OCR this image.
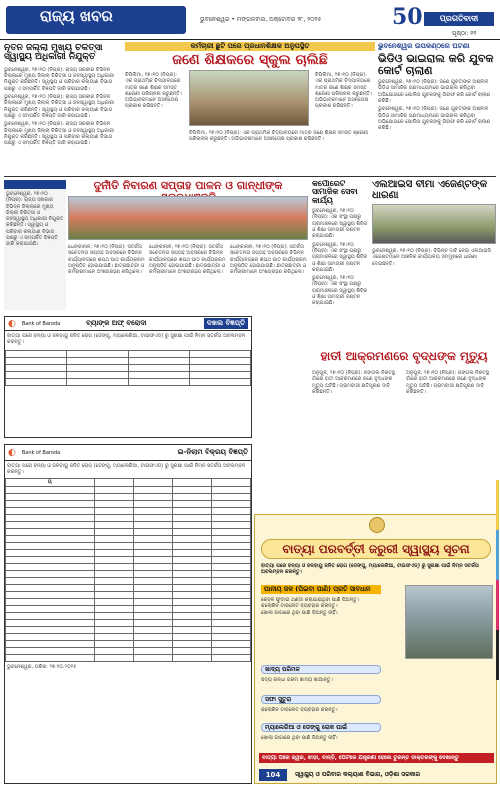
ରାଜ୍ୟ ଖବର	ଭୁବନେଶ୍ୱର • ମଙ୍ଗଳବାର, ଅକ୍ଟୋବର ୨୮, ୨୦୨୫	50	ପ୍ରଗତିବାଦୀ
ପୃଷ୍ଠା: ୧୧
ନୂତନ ଜିଲ୍ଲା ମୁଖ୍ୟ ଚିକିତ୍ସା ସ୍ୱାସ୍ଥ୍ୟ ଅଧିକାରୀ ନିଯୁକ୍ତ
ଭୁବନେଶ୍ୱର, ୨୭।୧୦ (ନିପ୍ର): ରାଜ୍ୟ ସରକାର ବିଭିନ୍ନ ଜିଲ୍ଲାରେ ମୁଖ୍ୟ ଜିଲ୍ଲା ଚିକିତ୍ସା ଓ ଜନସ୍ୱାସ୍ଥ୍ୟ ଅଧିକାରୀ ନିଯୁକ୍ତ କରିଛନ୍ତି। ସ୍ୱାସ୍ଥ୍ୟ ଓ ପରିବାର କଲ୍ୟାଣ ବିଭାଗ ପକ୍ଷରୁ ଏ ସମ୍ପର୍କିତ ବିଜ୍ଞପ୍ତି ଜାରି କରାଯାଇଛି।
ଭୁବନେଶ୍ୱର, ୨୭।୧୦ (ନିପ୍ର): ରାଜ୍ୟ ସରକାର ବିଭିନ୍ନ ଜିଲ୍ଲାରେ ମୁଖ୍ୟ ଜିଲ୍ଲା ଚିକିତ୍ସା ଓ ଜନସ୍ୱାସ୍ଥ୍ୟ ଅଧିକାରୀ ନିଯୁକ୍ତ କରିଛନ୍ତି। ସ୍ୱାସ୍ଥ୍ୟ ଓ ପରିବାର କଲ୍ୟାଣ ବିଭାଗ ପକ୍ଷରୁ ଏ ସମ୍ପର୍କିତ ବିଜ୍ଞପ୍ତି ଜାରି କରାଯାଇଛି।
ଭୁବନେଶ୍ୱର, ୨୭।୧୦ (ନିପ୍ର): ରାଜ୍ୟ ସରକାର ବିଭିନ୍ନ ଜିଲ୍ଲାରେ ମୁଖ୍ୟ ଜିଲ୍ଲା ଚିକିତ୍ସା ଓ ଜନସ୍ୱାସ୍ଥ୍ୟ ଅଧିକାରୀ ନିଯୁକ୍ତ କରିଛନ୍ତି। ସ୍ୱାସ୍ଥ୍ୟ ଓ ପରିବାର କଲ୍ୟାଣ ବିଭାଗ ପକ୍ଷରୁ ଏ ସମ୍ପର୍କିତ ବିଜ୍ଞପ୍ତି ଜାରି କରାଯାଇଛି।
କର୍ମଚାରୀ ଛୁଟି ପରେ ପ୍ରଧାନଶିକ୍ଷକ ଅନୁପସ୍ଥିତ
ଜଣେ ଶିକ୍ଷକରେ ସ୍କୁଲ ଚାଲିଛି
ଚିପିଲିମା, ୨୭।୧୦ (ନିପ୍ର): ଏକ ପ୍ରାଥମିକ ବିଦ୍ୟାଳୟରେ ମାତ୍ର ଜଣେ ଶିକ୍ଷକ ସମସ୍ତ ଶ୍ରେଣୀ ପରିଚାଳନା କରୁଛନ୍ତି। ଅଭିଭାବକମାନେ ଅସନ୍ତୋଷ ପ୍ରକାଶ କରିଛନ୍ତି।
ଚିପିଲିମା, ୨୭।୧୦ (ନିପ୍ର): ଏକ ପ୍ରାଥମିକ ବିଦ୍ୟାଳୟରେ ମାତ୍ର ଜଣେ ଶିକ୍ଷକ ସମସ୍ତ ଶ୍ରେଣୀ ପରିଚାଳନା କରୁଛନ୍ତି। ଅଭିଭାବକମାନେ ଅସନ୍ତୋଷ ପ୍ରକାଶ କରିଛନ୍ତି।
ଚିପିଲିମା, ୨୭।୧୦ (ନିପ୍ର): ଏକ ପ୍ରାଥମିକ ବିଦ୍ୟାଳୟରେ ମାତ୍ର ଜଣେ ଶିକ୍ଷକ ସମସ୍ତ ଶ୍ରେଣୀ ପରିଚାଳନା କରୁଛନ୍ତି। ଅଭିଭାବକମାନେ ଅସନ୍ତୋଷ ପ୍ରକାଶ କରିଛନ୍ତି।
ଭୁବନେଶ୍ୱର ଉପକଣ୍ଠରେ ଘଟଣା
ଭିଡିଓ ଭାଇରାଲ କରି ଯୁବକ କୋର୍ଟ ଚାଲାଣ
ଭୁବନେଶ୍ୱର, ୨୭।୧୦ (ନିପ୍ର): ଜଣେ ଯୁବତୀଙ୍କ ଅଶ୍ଳୀଳ ଭିଡିଓ ସାମାଜିକ ଗଣମାଧ୍ୟମରେ ଭାଇରାଲ କରିଥିବା ଅଭିଯୋଗରେ ପୋଲିସ ଯୁବକଙ୍କୁ ଗିରଫ କରି କୋର୍ଟ ଚାଲାଣ କରିଛି।
ଭୁବନେଶ୍ୱର, ୨୭।୧୦ (ନିପ୍ର): ଜଣେ ଯୁବତୀଙ୍କ ଅଶ୍ଳୀଳ ଭିଡିଓ ସାମାଜିକ ଗଣମାଧ୍ୟମରେ ଭାଇରାଲ କରିଥିବା ଅଭିଯୋଗରେ ପୋଲିସ ଯୁବକଙ୍କୁ ଗିରଫ କରି କୋର୍ଟ ଚାଲାଣ କରିଛି।

ଭୁବନେଶ୍ୱର, ୨୭।୧୦ (ନିପ୍ର): ରାଜ୍ୟ ସରକାର ବିଭିନ୍ନ ଜିଲ୍ଲାରେ ମୁଖ୍ୟ ଜିଲ୍ଲା ଚିକିତ୍ସା ଓ ଜନସ୍ୱାସ୍ଥ୍ୟ ଅଧିକାରୀ ନିଯୁକ୍ତ କରିଛନ୍ତି। ସ୍ୱାସ୍ଥ୍ୟ ଓ ପରିବାର କଲ୍ୟାଣ ବିଭାଗ ପକ୍ଷରୁ ଏ ସମ୍ପର୍କିତ ବିଜ୍ଞପ୍ତି ଜାରି କରାଯାଇଛି।
ଦୁର୍ନୀତି ନିବାରଣ ସପ୍ତାହ ପାଳନ ଓ ଗାନ୍ଧୀଙ୍କ
ଧେଙ୍କାନାଳ, ୨୭।୧୦ (ନିପ୍ର): ସତର୍କତା ସଚେତନତା ସପ୍ତାହ ଅବସରରେ ବିଭିନ୍ନ କାର୍ଯ୍ୟାଳୟରେ ଶପଥ ପାଠ କାର୍ଯ୍ୟକ୍ରମ ଅନୁଷ୍ଠିତ ହୋଇଯାଇଛି। ଛାତ୍ରଛାତ୍ରୀ ଓ କର୍ମଚାରୀମାନେ ଅଂଶଗ୍ରହଣ କରିଥିଲେ।
ଧେଙ୍କାନାଳ, ୨୭।୧୦ (ନିପ୍ର): ସତର୍କତା ସଚେତନତା ସପ୍ତାହ ଅବସରରେ ବିଭିନ୍ନ କାର୍ଯ୍ୟାଳୟରେ ଶପଥ ପାଠ କାର୍ଯ୍ୟକ୍ରମ ଅନୁଷ୍ଠିତ ହୋଇଯାଇଛି। ଛାତ୍ରଛାତ୍ରୀ ଓ କର୍ମଚାରୀମାନେ ଅଂଶଗ୍ରହଣ କରିଥିଲେ।
ଧେଙ୍କାନାଳ, ୨୭।୧୦ (ନିପ୍ର): ସତର୍କତା ସଚେତନତା ସପ୍ତାହ ଅବସରରେ ବିଭିନ୍ନ କାର୍ଯ୍ୟାଳୟରେ ଶପଥ ପାଠ କାର୍ଯ୍ୟକ୍ରମ ଅନୁଷ୍ଠିତ ହୋଇଯାଇଛି। ଛାତ୍ରଛାତ୍ରୀ ଓ କର୍ମଚାରୀମାନେ ଅଂଶଗ୍ରହଣ କରିଥିଲେ।
କର୍ପୋରେଟ ସାମାଜିକ ସେବା କାର୍ଯ୍ୟ
ଭୁବନେଶ୍ୱର, ୨୭।୧୦ (ନିପ୍ର): ଏକ ସଂସ୍ଥା ପକ୍ଷରୁ ଗ୍ରାମାଞ୍ଚଳରେ ସ୍ୱାସ୍ଥ୍ୟ ଶିବିର ଓ ଶିକ୍ଷା ସାମଗ୍ରୀ ବଣ୍ଟନ କରାଯାଇଛି।
ଭୁବନେଶ୍ୱର, ୨୭।୧୦ (ନିପ୍ର): ଏକ ସଂସ୍ଥା ପକ୍ଷରୁ ଗ୍ରାମାଞ୍ଚଳରେ ସ୍ୱାସ୍ଥ୍ୟ ଶିବିର ଓ ଶିକ୍ଷା ସାମଗ୍ରୀ ବଣ୍ଟନ କରାଯାଇଛି।
ଭୁବନେଶ୍ୱର, ୨୭।୧୦ (ନିପ୍ର): ଏକ ସଂସ୍ଥା ପକ୍ଷରୁ ଗ୍ରାମାଞ୍ଚଳରେ ସ୍ୱାସ୍ଥ୍ୟ ଶିବିର ଓ ଶିକ୍ଷା ସାମଗ୍ରୀ ବଣ୍ଟନ କରାଯାଇଛି।
ଏଲଆଇସି ବୀମା ଏଜେଣ୍ଟଙ୍କ ଧାରଣା
ଭୁବନେଶ୍ୱର, ୨୭।୧୦ (ନିପ୍ର): ବିଭିନ୍ନ ଦାବି ନେଇ ଏଲଆଇସି ଏଜେଣ୍ଟମାନେ ଆଞ୍ଚଳିକ କାର୍ଯ୍ୟାଳୟ ସମ୍ମୁଖରେ ଧାରଣା ଦେଇଛନ୍ତି।
ହାତୀ ଆକ୍ରମଣରେ ବୃଦ୍ଧଙ୍କ ମୃତ୍ୟୁ
ଅନୁଗୁଳ, ୨୭।୧୦ (ନିପ୍ର): ଜଙ୍ଗଲ ନିକଟସ୍ଥ ଗାଁରେ ହାତୀ ଆକ୍ରମଣରେ ଜଣେ ବୃଦ୍ଧଙ୍କ ମୃତ୍ୟୁ ଘଟିଛି। ଗ୍ରାମବାସୀ କ୍ଷତିପୂରଣ ଦାବି କରିଛନ୍ତି।
ଅନୁଗୁଳ, ୨୭।୧୦ (ନିପ୍ର): ଜଙ୍ଗଲ ନିକଟସ୍ଥ ଗାଁରେ ହାତୀ ଆକ୍ରମଣରେ ଜଣେ ବୃଦ୍ଧଙ୍କ ମୃତ୍ୟୁ ଘଟିଛି। ଗ୍ରାମବାସୀ କ୍ଷତିପୂରଣ ଦାବି କରିଛନ୍ତି।
◐ Bank of Baroda	ବ୍ୟାଙ୍କ ଅଫ୍ ବରୋଦା	ଦଖଲ ବିଜ୍ଞପ୍ତି
ବାତ୍ୟା ପରେ ବନ୍ୟା ଓ ଜଳବାୟୁ ଜନିତ ରୋଗ (ଡେଙ୍ଗୁ, ମ୍ୟାଲେରିଆ, ଟାଇଫଏଡ୍) ରୁ ସୁରକ୍ଷା ପାଇଁ ନିମ୍ନ ସତର୍କତା ଅବଲମ୍ବନ କରନ୍ତୁ।

◐ Bank of Baroda	ଇ-ନିଲାମ ବିକ୍ରୟ ବିଜ୍ଞପ୍ତି
ବାତ୍ୟା ପରେ ବନ୍ୟା ଓ ଜଳବାୟୁ ଜନିତ ରୋଗ (ଡେଙ୍ଗୁ, ମ୍ୟାଲେରିଆ, ଟାଇଫଏଡ୍) ରୁ ସୁରକ୍ଷା ପାଇଁ ନିମ୍ନ ସତର୍କତା ଅବଲମ୍ବନ କରନ୍ତୁ।
ୟ				

ଭୁବନେଶ୍ୱର, ତାରିଖ: ୨୭.୧୦.୨୦୨୫
ବାତ୍ୟା ପରବର୍ତ୍ତୀ ଜରୁରୀ ସ୍ୱାସ୍ଥ୍ୟ ସୂଚନା
ବାତ୍ୟା ପରେ ବନ୍ୟା ଓ ଜଳବାୟୁ ଜନିତ ରୋଗ (ଡେଙ୍ଗୁ, ମ୍ୟାଲେରିଆ, ଟାଇଫଏଡ୍) ରୁ ସୁରକ୍ଷା ପାଇଁ ନିମ୍ନ ସତର୍କତା ଅବଲମ୍ବନ କରନ୍ତୁ।
ପାନୀୟ ଜଳ (ପିଇବା ପାଣି) ପ୍ରତି ସାବଧାନ
କେବଳ ଫୁଟାଇ ଥଣ୍ଡା କରାଯାଇଥିବା ପାଣି ପିଅନ୍ତୁ।
କ୍ଲୋରିନ ଟାବଲେଟ ବ୍ୟବହାର କରନ୍ତୁ।
ଖୋଲା ଜାଗାରେ ଥିବା ପାଣି ପିଅନ୍ତୁ ନାହିଁ।
ଖାଦ୍ୟ ପରିମଳ
ସଦ୍ୟ ରନ୍ଧା ଗରମ ଖାଦ୍ୟ ଖାଆନ୍ତୁ।
ସଫା ସୁତୁରା
କ୍ଲୋରିନ ଟାବଲେଟ ବ୍ୟବହାର କରନ୍ତୁ।
ମ୍ୟାଲେରିଆ ଓ ଡେଙ୍ଗୁ ରୋକ ପାଇଁ
ଖୋଲା ଜାଗାରେ ଥିବା ପାଣି ପିଅନ୍ତୁ ନାହିଁ।
ବାତ୍ୟା ପରେ ଜ୍ୱର, ଝାଡ଼ା, ବାନ୍ତି, ପେଟରେ ଯନ୍ତ୍ରଣା ହେଲେ ତୁରନ୍ତ ଡାକ୍ତରଙ୍କୁ ଦେଖାନ୍ତୁ
104	ସ୍ୱାସ୍ଥ୍ୟ ଓ ପରିବାର କଲ୍ୟାଣ ବିଭାଗ, ଓଡ଼ିଶା ସରକାର
